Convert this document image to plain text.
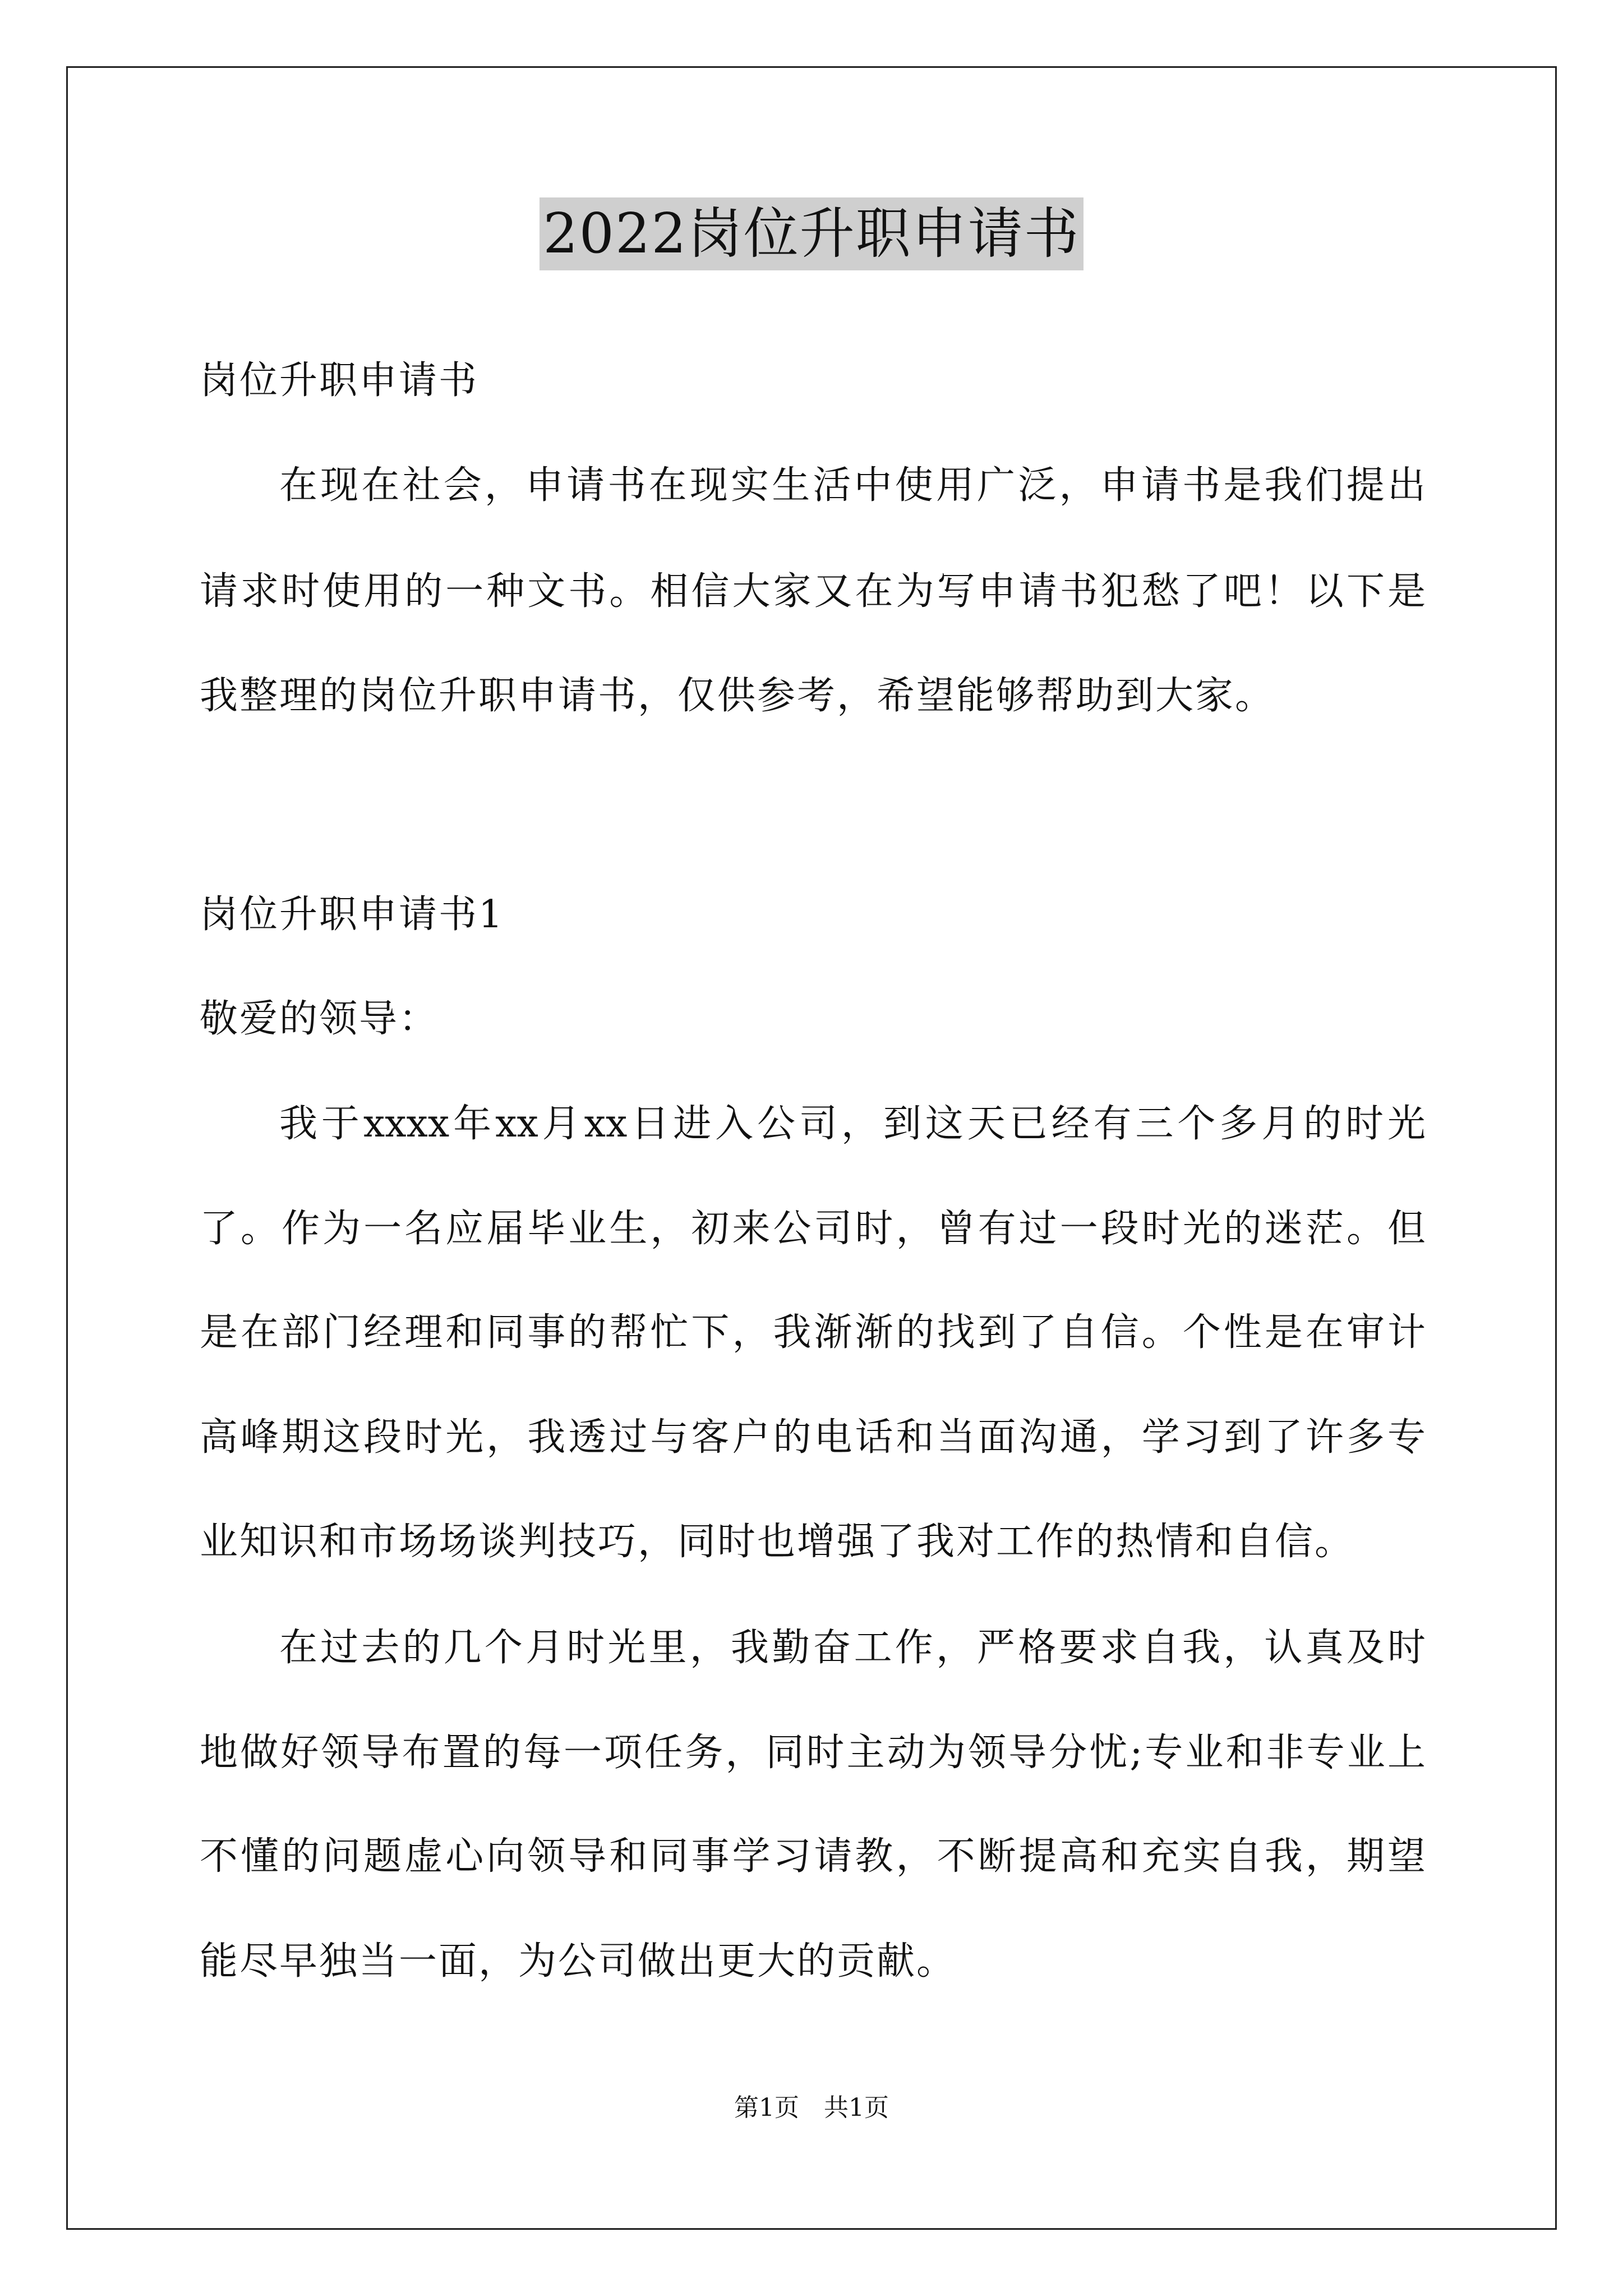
2022岗位升职申请书
岗位升职申请书
在现在社会，申请书在现实生活中使用广泛，申请书是我们提出
请求时使用的一种文书。相信大家又在为写申请书犯愁了吧！以下是
我整理的岗位升职申请书，仅供参考，希望能够帮助到大家。
岗位升职申请书1
敬爱的领导：
我于xxxx年xx月xx日进入公司，到这天已经有三个多月的时光
了。作为一名应届毕业生，初来公司时，曾有过一段时光的迷茫。但
是在部门经理和同事的帮忙下，我渐渐的找到了自信。个性是在审计
高峰期这段时光，我透过与客户的电话和当面沟通，学习到了许多专
业知识和市场场谈判技巧，同时也增强了我对工作的热情和自信。
在过去的几个月时光里，我勤奋工作，严格要求自我，认真及时
地做好领导布置的每一项任务，同时主动为领导分忧;专业和非专业上
不懂的问题虚心向领导和同事学习请教，不断提高和充实自我，期望
能尽早独当一面，为公司做出更大的贡献。
第1页　共1页
